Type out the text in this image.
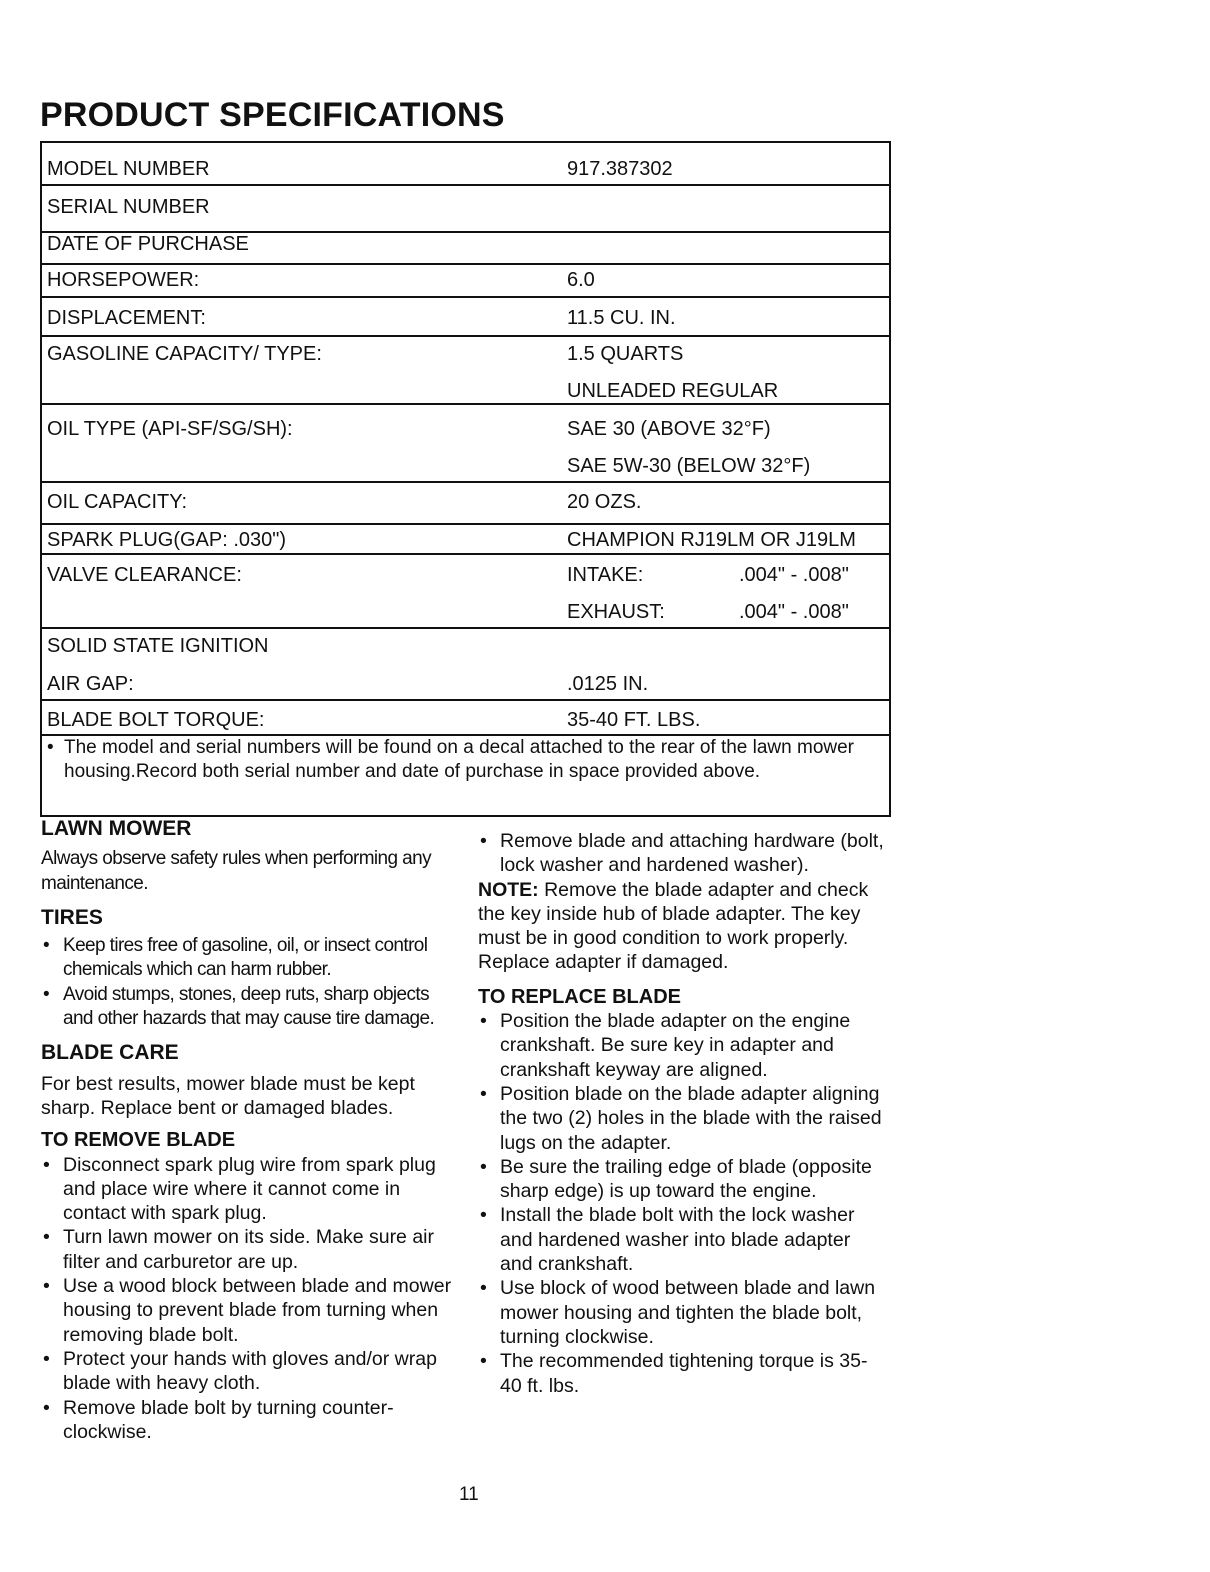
PRODUCT SPECIFICATIONS
MODEL NUMBER	917.387302
SERIAL NUMBER
DATE OF PURCHASE
HORSEPOWER:	6.0
DISPLACEMENT:	11.5 CU. IN.
GASOLINE CAPACITY/ TYPE:	1.5 QUARTS
UNLEADED REGULAR
OIL TYPE (API-SF/SG/SH):	SAE 30 (ABOVE 32°F)
SAE 5W-30 (BELOW 32°F)
OIL CAPACITY:	20 OZS.
SPARK PLUG(GAP: .030")	CHAMPION RJ19LM OR J19LM
VALVE CLEARANCE:	INTAKE:	.004" - .008"
EXHAUST:	.004" - .008"
SOLID STATE IGNITION
AIR GAP:	.0125 IN.
BLADE BOLT TORQUE:	35-40 FT. LBS.
• The model and serial numbers will be found on a decal attached to the rear of the lawn mower housing.Record both serial number and date of purchase in space provided above.
LAWN MOWER

Always observe safety rules when performing any maintenance.

TIRES
• Keep tires free of gasoline, oil, or insect control chemicals which can harm rubber.
• Avoid stumps, stones, deep ruts, sharp objects and other hazards that may cause tire damage.
BLADE CARE

For best results, mower blade must be kept sharp. Replace bent or damaged blades.

TO REMOVE BLADE
• Disconnect spark plug wire from spark plug and place wire where it cannot come in contact with spark plug.
• Turn lawn mower on its side. Make sure air filter and carburetor are up.
• Use a wood block between blade and mower housing to prevent blade from turning when removing blade bolt.
• Protect your hands with gloves and/or wrap blade with heavy cloth.
• Remove blade bolt by turning counter-clockwise.
• Remove blade and attaching hardware (bolt, lock washer and hardened washer).

NOTE: Remove the blade adapter and check the key inside hub of blade adapter. The key must be in good condition to work properly. Replace adapter if damaged.

TO REPLACE BLADE
• Position the blade adapter on the engine crankshaft. Be sure key in adapter and crankshaft keyway are aligned.
• Position blade on the blade adapter aligning the two (2) holes in the blade with the raised lugs on the adapter.
• Be sure the trailing edge of blade (opposite sharp edge) is up toward the engine.
• Install the blade bolt with the lock washer and hardened washer into blade adapter and crankshaft.
• Use block of wood between blade and lawn mower housing and tighten the blade bolt, turning clockwise.
• The recommended tightening torque is 35-40 ft. lbs.
11
